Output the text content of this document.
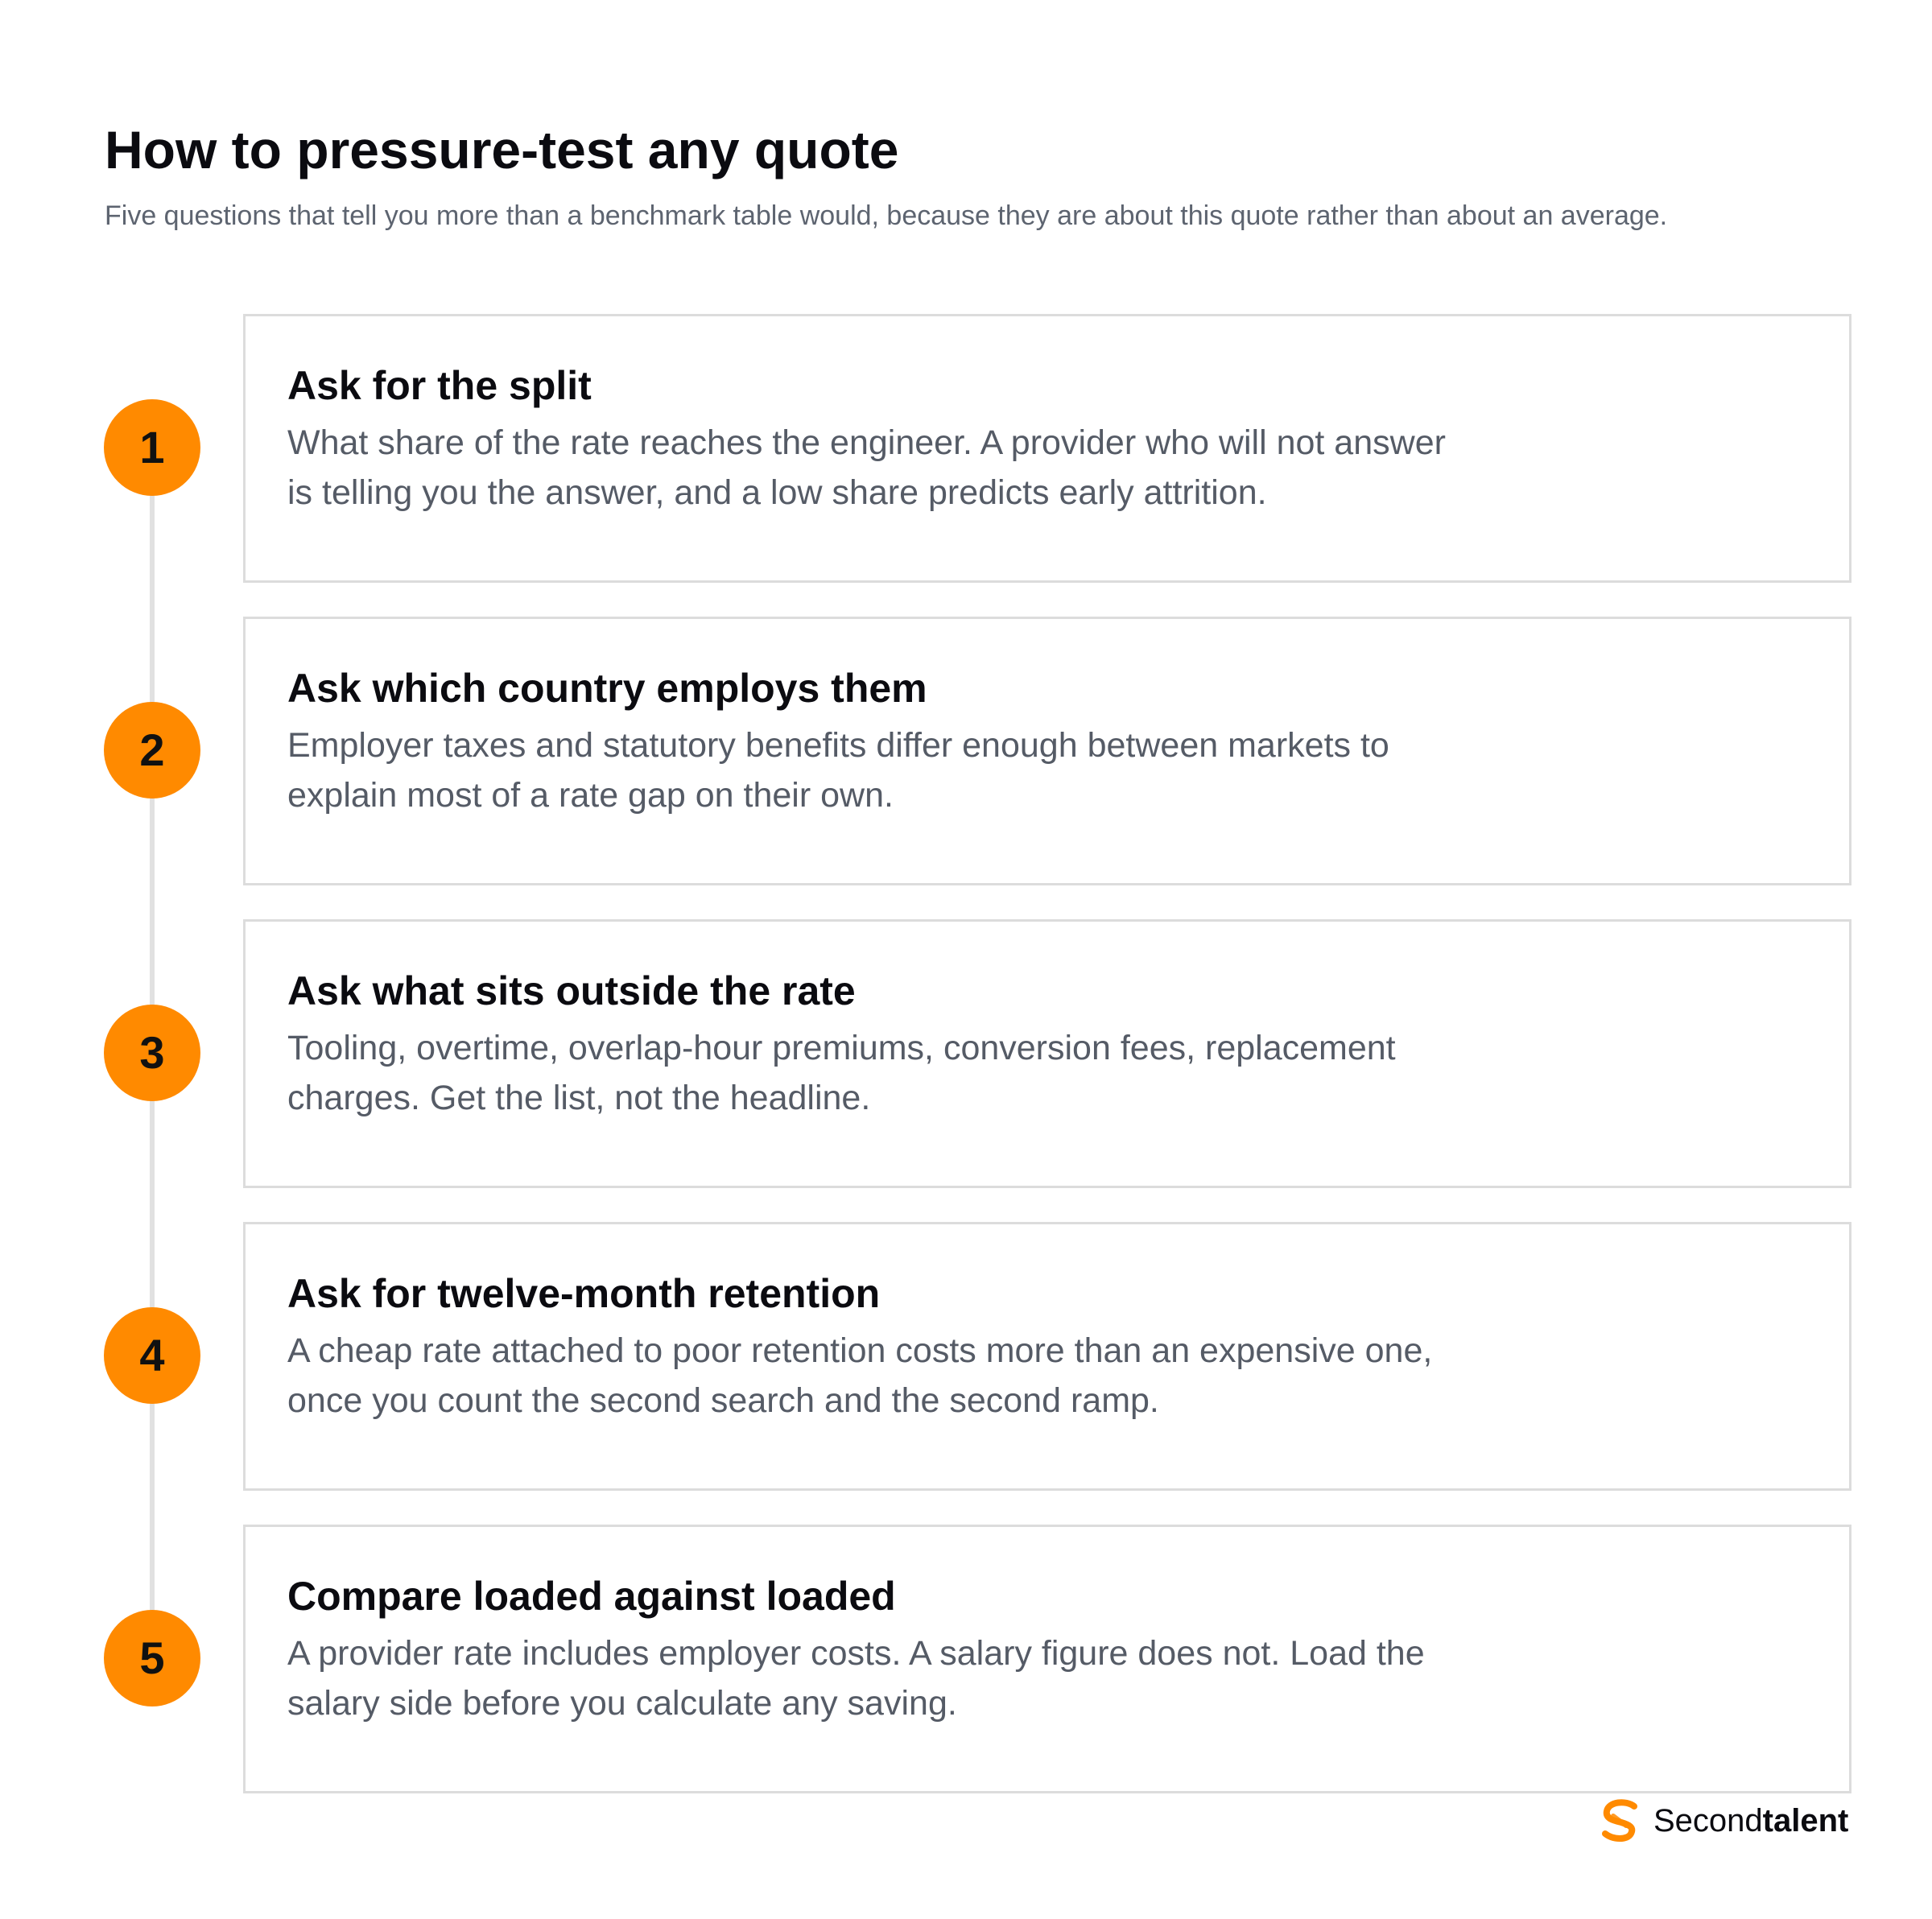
How to pressure-test any quote

Five questions that tell you more than a benchmark table would, because they are about this quote rather than about an average.

1
Ask for the split

What share of the rate reaches the engineer. A provider who will not answer
is telling you the answer, and a low share predicts early attrition.

2
Ask which country employs them

Employer taxes and statutory benefits differ enough between markets to
explain most of a rate gap on their own.

3
Ask what sits outside the rate

Tooling, overtime, overlap-hour premiums, conversion fees, replacement
charges. Get the list, not the headline.

4
Ask for twelve-month retention

A cheap rate attached to poor retention costs more than an expensive one,
once you count the second search and the second ramp.

5
Compare loaded against loaded

A provider rate includes employer costs. A salary figure does not. Load the
salary side before you calculate any saving.

Secondtalent
